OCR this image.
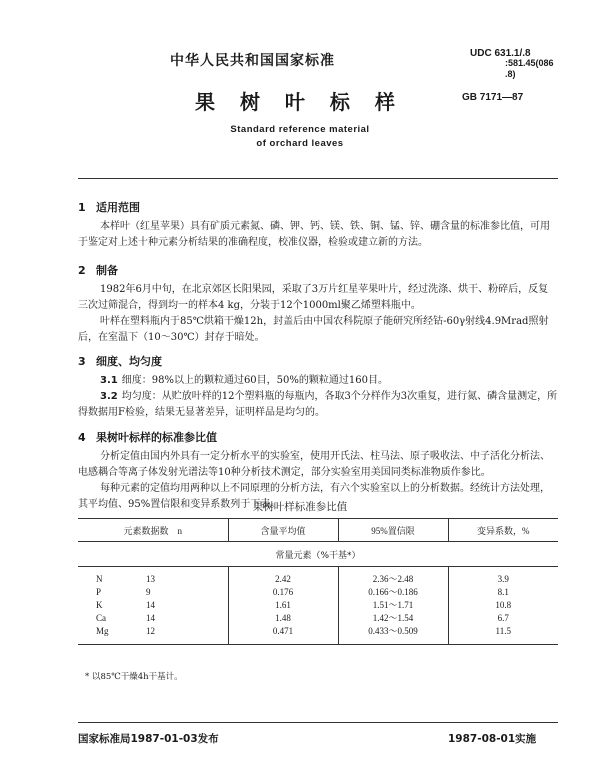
中华人民共和国国家标准	UDC 631.1/.8
:581.45(086
.8)
果 树 叶 标 样	GB 7171—87
Standard reference material
of orchard leaves
1 适用范围

本样叶（红星苹果）具有矿质元素氮、磷、钾、钙、镁、铁、铜、锰、锌、硼含量的标准参比值，可用于鉴定对上述十种元素分析结果的准确程度，校准仪器，检验或建立新的方法。

2 制备

1982年6月中旬，在北京郊区长阳果园，采取了3万片红星苹果叶片，经过洗涤、烘干、粉碎后，反复三次过筛混合，得到均一的样本4 kg，分装于12个1000ml聚乙烯塑料瓶中。

叶样在塑料瓶内于85℃烘箱干燥12h，封盖后由中国农科院原子能研究所经钴-60γ射线4.9Mrad照射后，在室温下（10～30℃）封存于暗处。

3 细度、均匀度

3.1 细度：98%以上的颗粒通过60目，50%的颗粒通过160目。

3.2 均匀度：从贮放叶样的12个塑料瓶的每瓶内，各取3个分样作为3次重复，进行氮、磷含量测定，所得数据用F检验，结果无显著差异，证明样品是均匀的。

4 果树叶标样的标准参比值

分析定值由国内外具有一定分析水平的实验室，使用开氏法、柱马法、原子吸收法、中子活化分析法、电感耦合等离子体发射光谱法等10种分析技术测定，部分实验室用美国同类标准物质作参比。

每种元素的定值均用两种以上不同原理的分析方法，有六个实验室以上的分析数据。经统计方法处理，其平均值、95%置信限和变异系数列于下表。

果树叶样标准参比值
元素数据数　n	含量平均值	95%置信限	变异系数，%
常量元素（%干基*）			
N 13	2.42	2.36～2.48	3.9
P 9	0.176	0.166～0.186	8.1
K 14	1.61	1.51～1.71	10.8
Ca 14	1.48	1.42～1.54	6.7
Mg 12	0.471	0.433～0.509	11.5
* 以85℃干燥4h干基计。
国家标准局1987-01-03发布	1987-08-01实施
